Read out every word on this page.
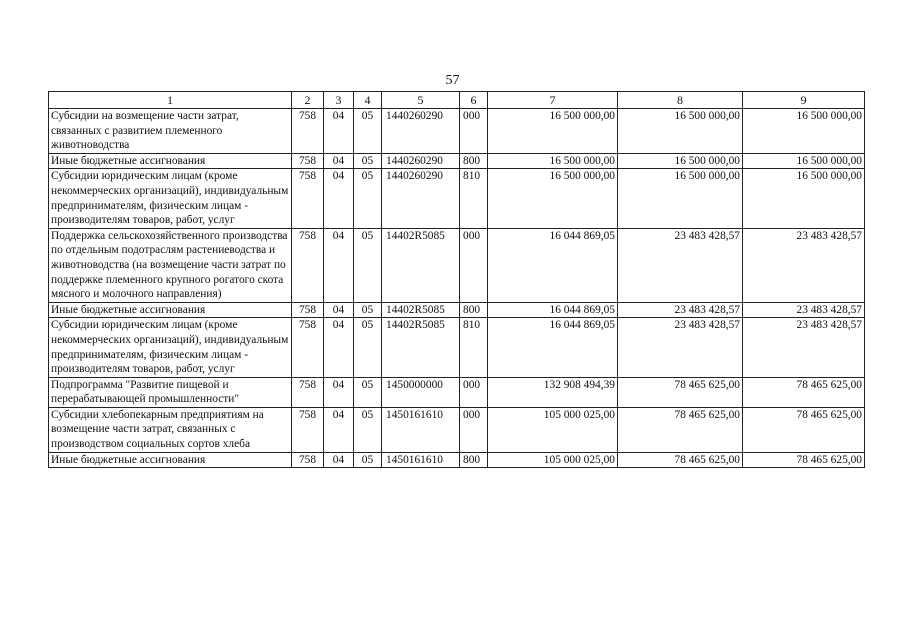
57
1	2	3	4	5	6	7	8	9
Субсидии на возмещение части затрат, связанных с развитием племенного животноводства	758	04	05	1440260290	000	16 500 000,00	16 500 000,00	16 500 000,00
Иные бюджетные ассигнования	758	04	05	1440260290	800	16 500 000,00	16 500 000,00	16 500 000,00
Субсидии юридическим лицам (кроме некоммерческих организаций), индивидуальным предпринимателям, физическим лицам - производителям товаров, работ, услуг	758	04	05	1440260290	810	16 500 000,00	16 500 000,00	16 500 000,00
Поддержка сельскохозяйственного производства по отдельным подотраслям растениеводства и животноводства (на возмещение части затрат по поддержке племенного крупного рогатого скота мясного и молочного направления)	758	04	05	14402R5085	000	16 044 869,05	23 483 428,57	23 483 428,57
Иные бюджетные ассигнования	758	04	05	14402R5085	800	16 044 869,05	23 483 428,57	23 483 428,57
Субсидии юридическим лицам (кроме некоммерческих организаций), индивидуальным предпринимателям, физическим лицам - производителям товаров, работ, услуг	758	04	05	14402R5085	810	16 044 869,05	23 483 428,57	23 483 428,57
Подпрограмма "Развитие пищевой и перерабатывающей промышленности"	758	04	05	1450000000	000	132 908 494,39	78 465 625,00	78 465 625,00
Субсидии хлебопекарным предприятиям на возмещение части затрат, связанных с производством социальных сортов хлеба	758	04	05	1450161610	000	105 000 025,00	78 465 625,00	78 465 625,00
Иные бюджетные ассигнования	758	04	05	1450161610	800	105 000 025,00	78 465 625,00	78 465 625,00
